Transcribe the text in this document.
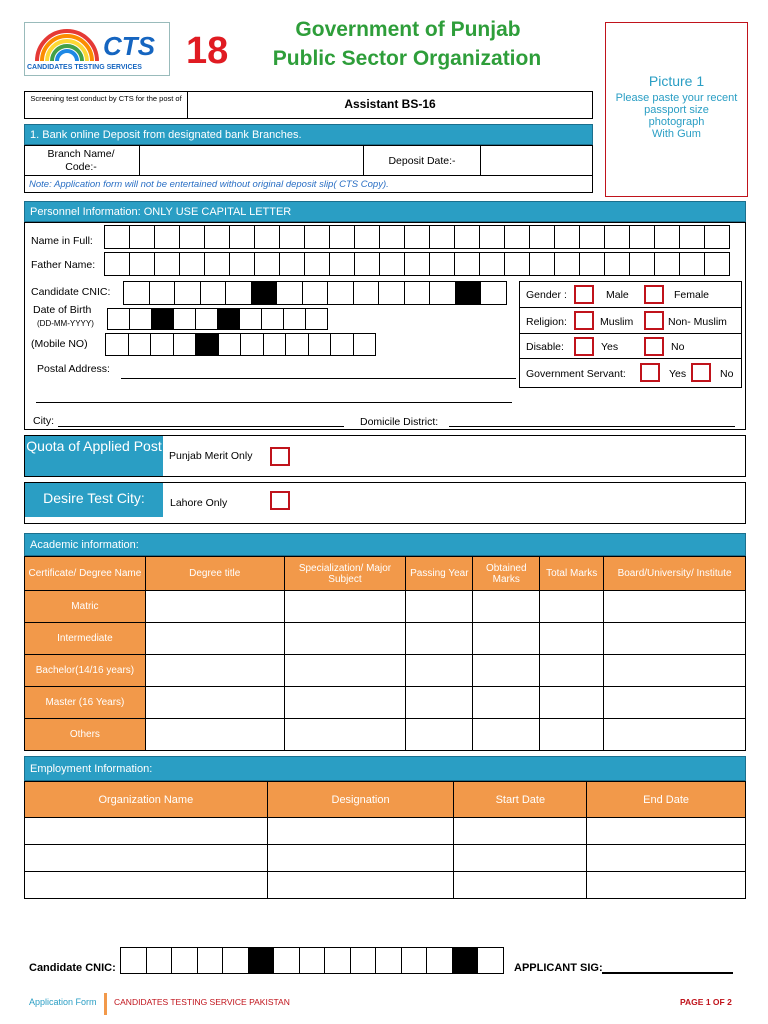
CTS
CANDIDATES TESTING SERVICES 18
Government of Punjab
Public Sector Organization
Picture 1
Please paste your recent
passport size
photograph
With Gum
Screening test conduct by CTS for the post of	Assistant BS-16
1. Bank online Deposit from designated bank Branches.
Branch Name/ Code:-	Deposit Date:-
Note: Application form will not be entertained without original deposit slip( CTS Copy).
Personnel Information: ONLY USE CAPITAL LETTER
Name in Full:
Father Name:
Candidate CNIC:
Date of Birth
(DD-MM-YYYY)
(Mobile NO)
Postal Address:
City:	Domicile District:
Gender :	Male	Female
Religion:	Muslim	Non- Muslim
Disable:	Yes	No
Government Servant:	Yes	No
Quota of Applied Post
Punjab Merit Only
Desire Test City:	Lahore Only
Academic information:
Certificate/ Degree Name	Degree title	Specialization/ Major Subject	Passing Year	Obtained Marks	Total Marks	Board/University/ Institute
Matric						
Intermediate						
Bachelor(14/16 years)						
Master (16 Years)						
Others						
Employment Information:
Organization Name	Designation	Start Date	End Date

Candidate CNIC:	APPLICANT SIG:
Application Form CANDIDATES TESTING SERVICE PAKISTAN	PAGE 1 OF 2
